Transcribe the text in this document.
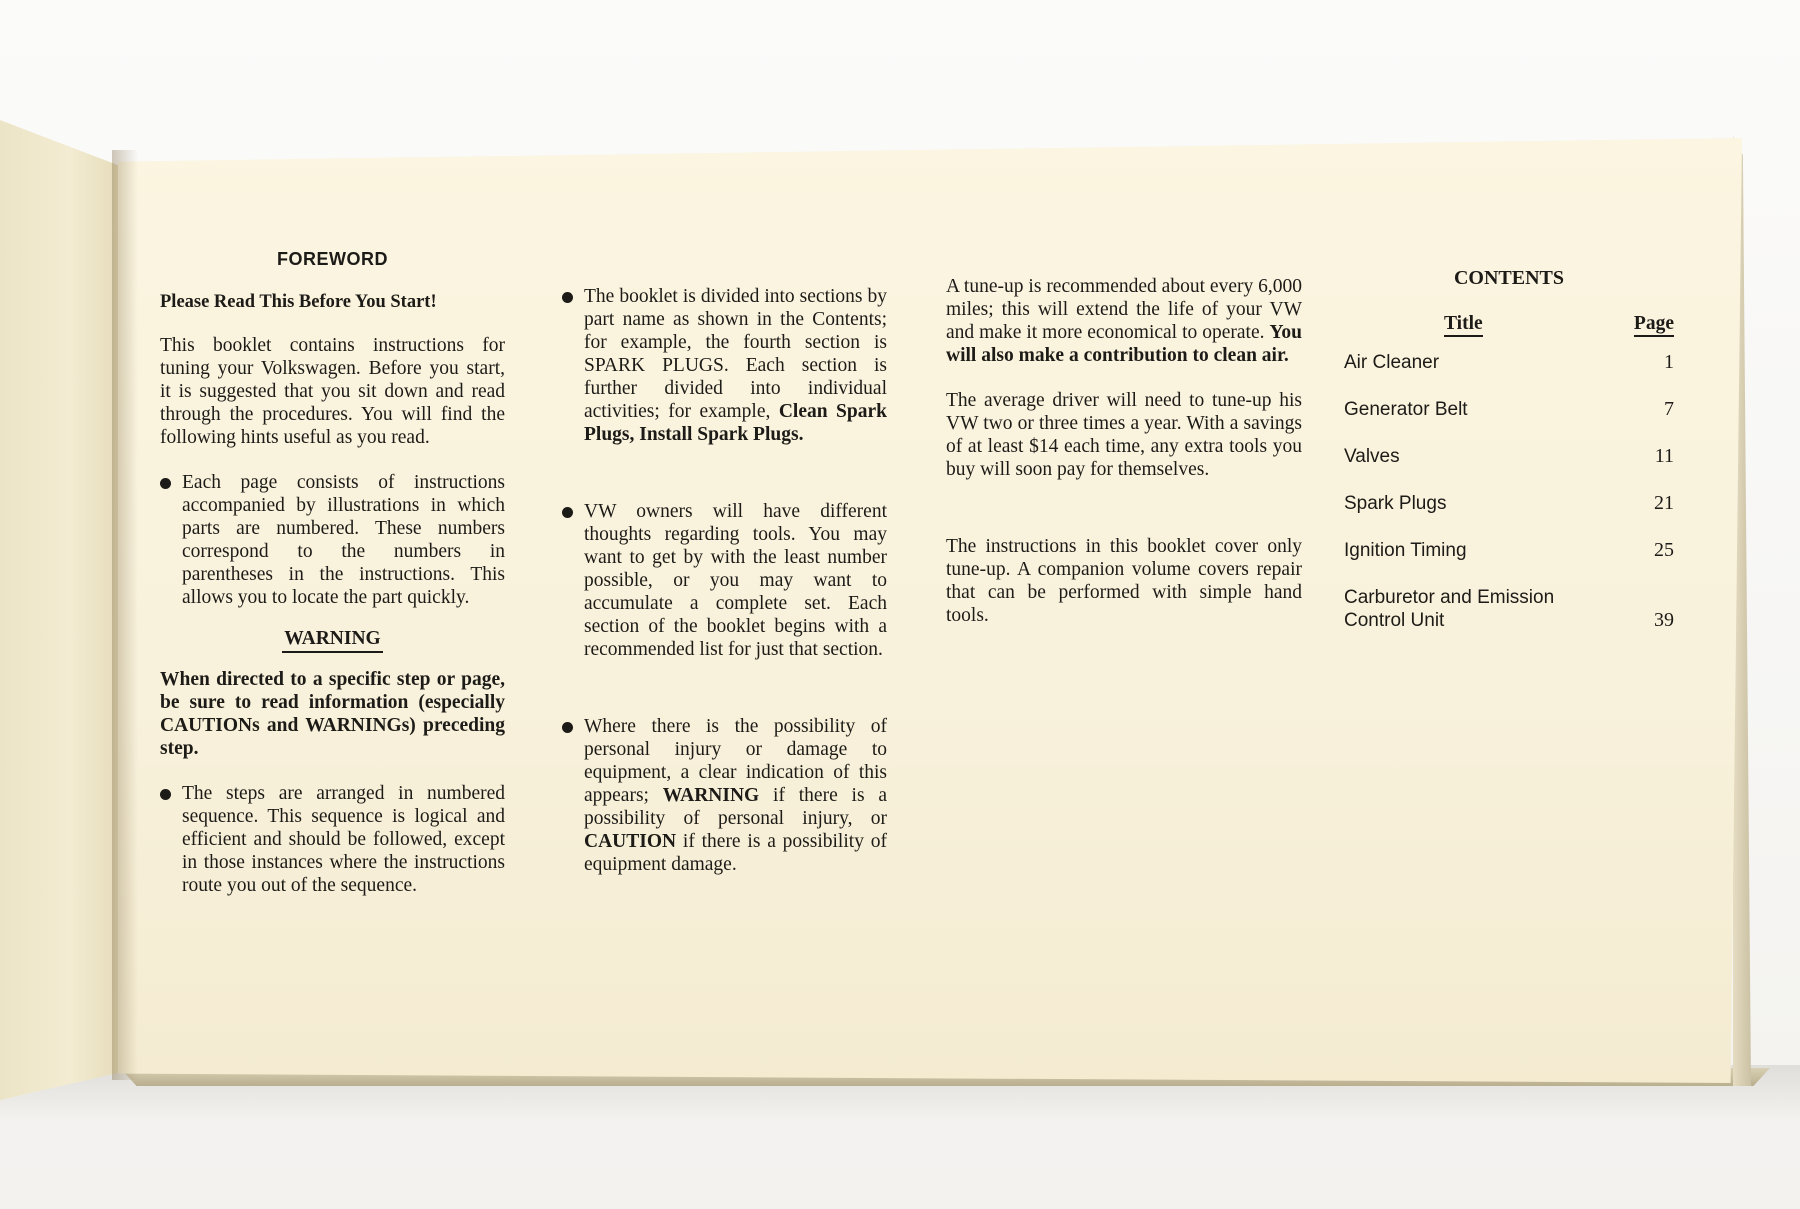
FOREWORD
Please Read This Before You Start!

This booklet contains instructions for tuning your Volkswagen. Before you start, it is suggested that you sit down and read through the procedures. You will find the following hints useful as you read.

Each page consists of instructions accompanied by illustrations in which parts are numbered. These numbers correspond to the numbers in parentheses in the instructions. This allows you to locate the part quickly.

WARNING

When directed to a specific step or page, be sure to read information (especially CAUTIONs and WARNINGs) preceding step.

The steps are arranged in numbered sequence. This sequence is logical and efficient and should be followed, except in those instances where the instructions route you out of the sequence.

The booklet is divided into sections by part name as shown in the Contents; for example, the fourth section is SPARK PLUGS. Each section is further divided into individual activities; for example, Clean Spark Plugs, Install Spark Plugs.

VW owners will have different thoughts regarding tools. You may want to get by with the least number possible, or you may want to accumulate a complete set. Each section of the booklet begins with a recommended list for just that section.

Where there is the possibility of personal injury or damage to equipment, a clear indication of this appears; WARNING if there is a possibility of personal injury, or CAUTION if there is a possibility of equipment damage.

A tune-up is recommended about every 6,000 miles; this will extend the life of your VW and make it more economical to operate. You will also make a contribution to clean air.

The average driver will need to tune-up his VW two or three times a year. With a savings of at least $14 each time, any extra tools you buy will soon pay for themselves.

The instructions in this booklet cover only tune-up. A companion volume covers repair that can be performed with simple hand tools.

CONTENTS
Title	Page
Air Cleaner	1
Generator Belt	7
Valves	11
Spark Plugs	21
Ignition Timing	25
Carburetor and Emission Control Unit	39
